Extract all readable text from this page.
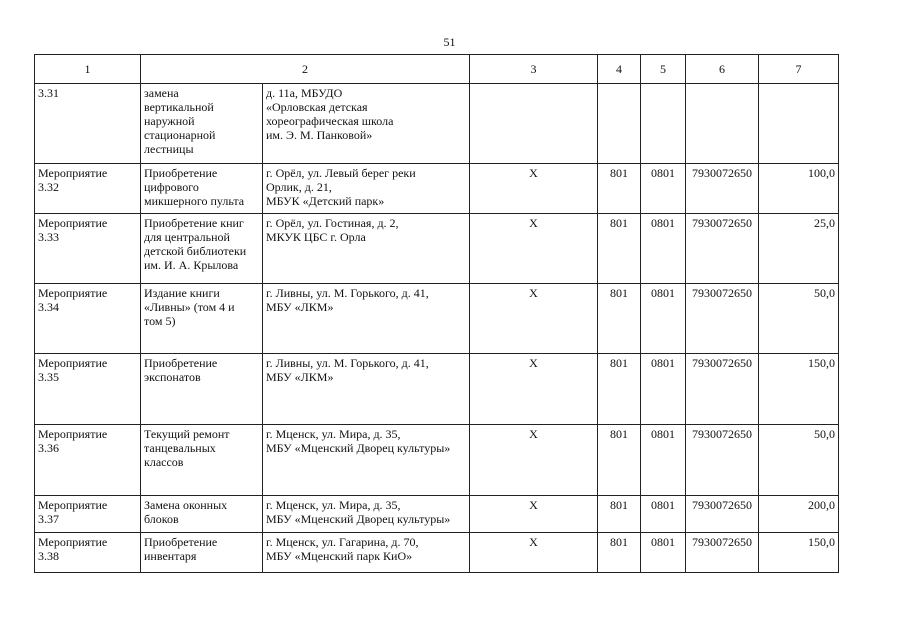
51
1	2		3	4	5	6	7

3.31	замена
вертикальной
наружной
стационарной
лестницы	д. 11а, МБУДО
«Орловская детская
хореографическая школа
им. Э. М. Панковой»					

Мероприятие
3.32	Приобретение
цифрового
микшерного пульта	г. Орёл, ул. Левый берег реки
Орлик, д. 21,
МБУК «Детский парк»	X	801	0801	7930072650	100,0

Мероприятие
3.33	Приобретение книг
для центральной
детской библиотеки
им. И. А. Крылова	г. Орёл, ул. Гостиная, д. 2,
МКУК ЦБС г. Орла	X	801	0801	7930072650	25,0

Мероприятие
3.34	Издание книги
«Ливны» (том 4 и
том 5)	г. Ливны, ул. М. Горького, д. 41,
МБУ «ЛКМ»	X	801	0801	7930072650	50,0

Мероприятие
3.35	Приобретение
экспонатов	г. Ливны, ул. М. Горького, д. 41,
МБУ «ЛКМ»	X	801	0801	7930072650	150,0

Мероприятие
3.36	Текущий ремонт
танцевальных
классов	г. Мценск, ул. Мира, д. 35,
МБУ «Мценский Дворец культуры»	X	801	0801	7930072650	50,0

Мероприятие
3.37	Замена оконных
блоков	г. Мценск, ул. Мира, д. 35,
МБУ «Мценский Дворец культуры»	X	801	0801	7930072650	200,0

Мероприятие
3.38	Приобретение
инвентаря	г. Мценск, ул. Гагарина, д. 70,
МБУ «Мценский парк КиО»	X	801	0801	7930072650	150,0
